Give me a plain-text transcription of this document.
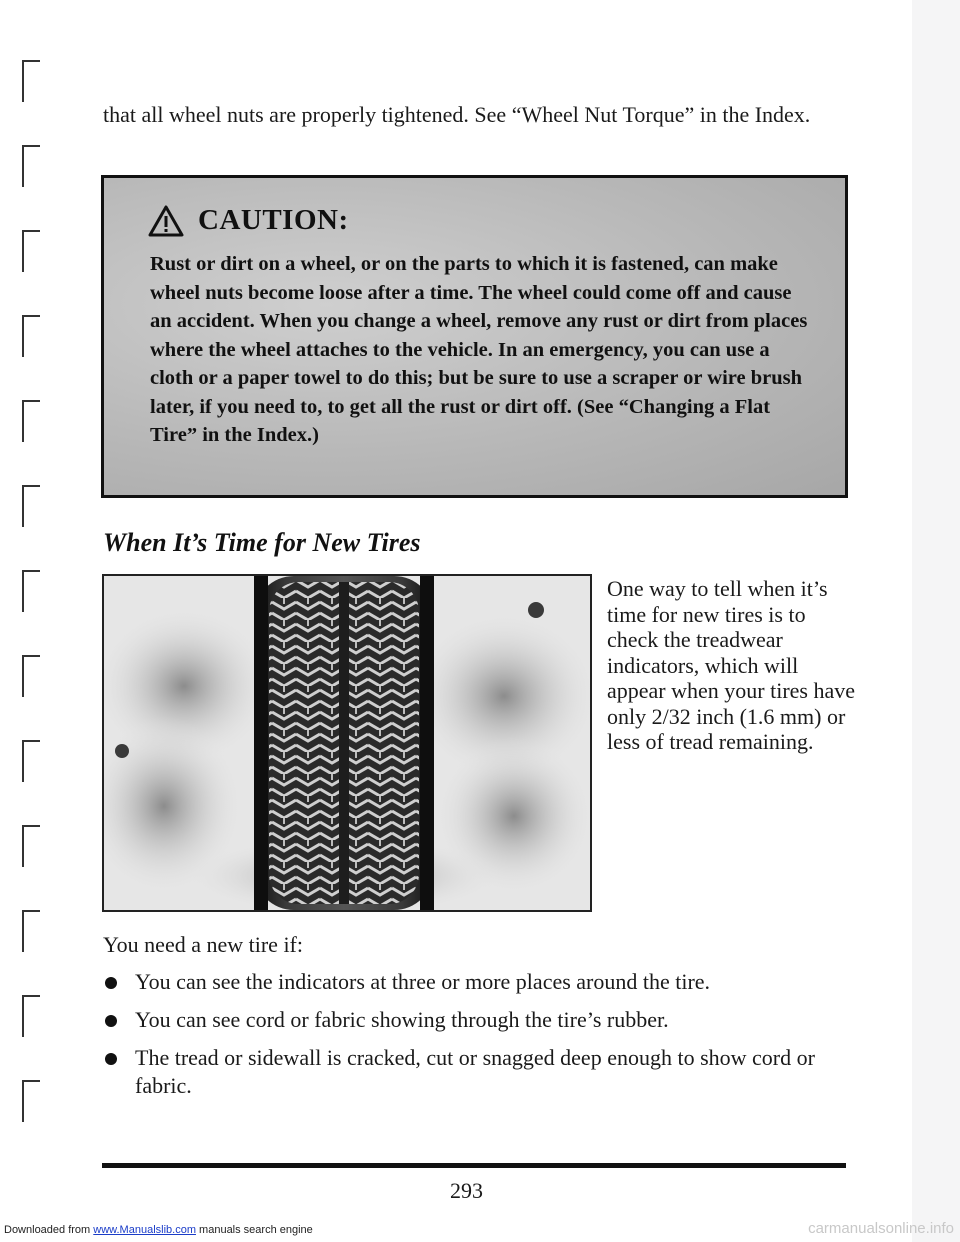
that all wheel nuts are properly tightened. See “Wheel Nut Torque” in the Index.

CAUTION:

Rust or dirt on a wheel, or on the parts to which it is fastened, can make wheel nuts become loose after a time. The wheel could come off and cause an accident. When you change a wheel, remove any rust or dirt from places where the wheel attaches to the vehicle. In an emergency, you can use a cloth or a paper towel to do this; but be sure to use a scraper or wire brush later, if you need to, to get all the rust or dirt off. (See “Changing a Flat Tire” in the Index.)

When It’s Time for New Tires

One way to tell when it’s time for new tires is to check the treadwear indicators, which will appear when your tires have only 2/32 inch (1.6 mm) or less of tread remaining.

You need a new tire if:

You can see the indicators at three or more places around the tire.
You can see cord or fabric showing through the tire’s rubber.
The tread or sidewall is cracked, cut or snagged deep enough to show cord or fabric.

293

Downloaded from www.Manualslib.com manuals search engine	carmanualsonline.info
